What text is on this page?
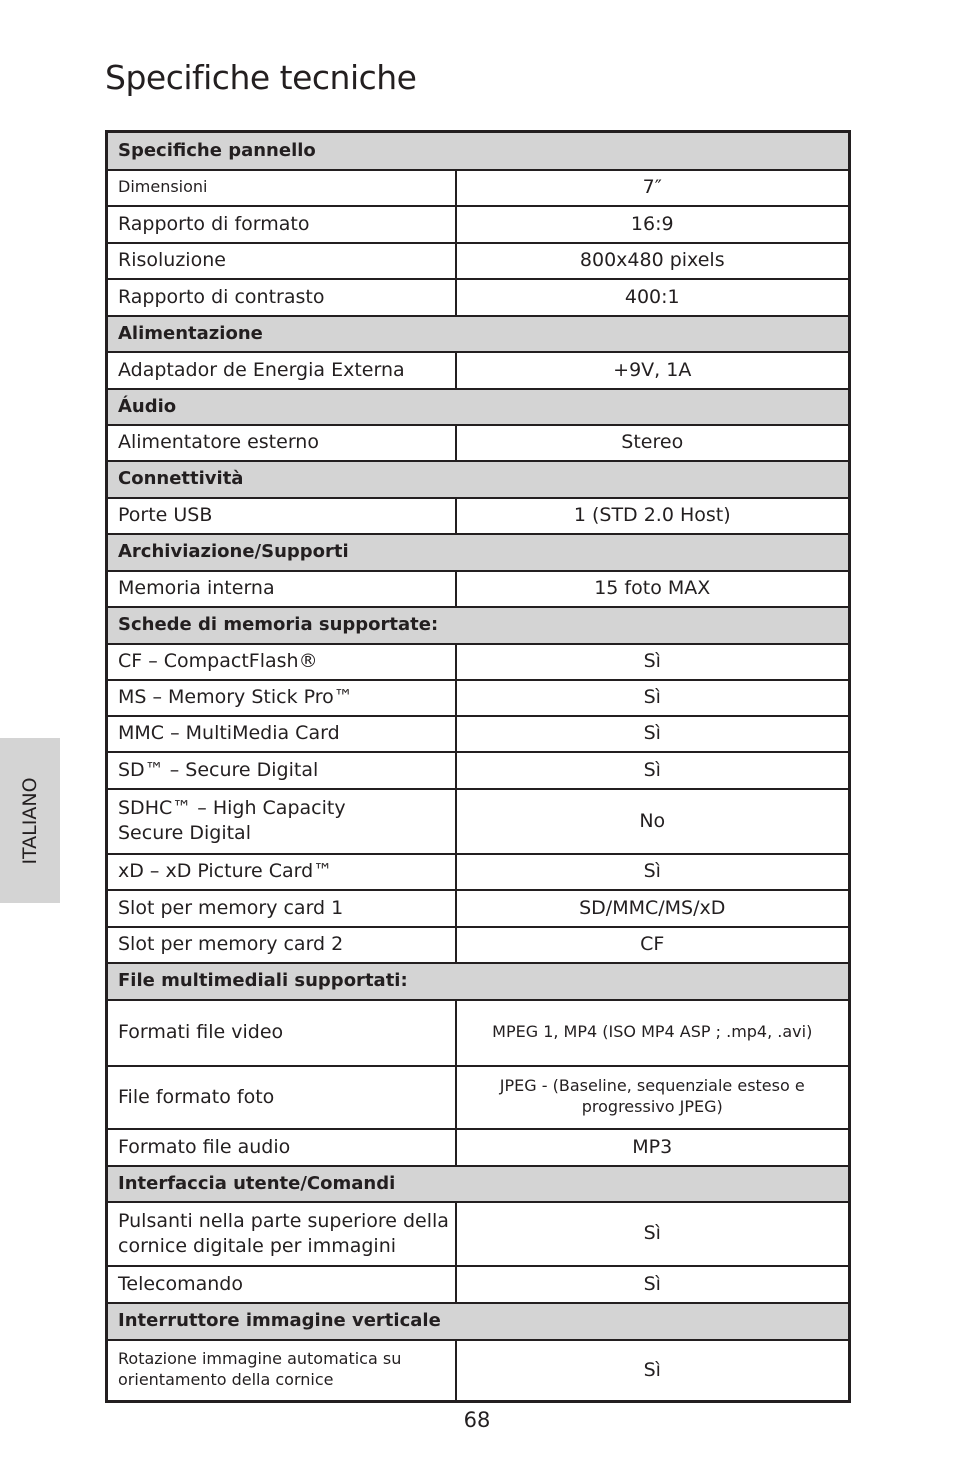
Specifiche tecniche
Specifiche pannello	
Dimensioni	7″
Rapporto di formato	16:9
Risoluzione	800x480 pixels
Rapporto di contrasto	400:1
Alimentazione	
Adaptador de Energia Externa	+9V, 1A
Áudio	
Alimentatore esterno	Stereo
Connettività	
Porte USB	1 (STD 2.0 Host)
Archiviazione/Supporti	
Memoria interna	15 foto MAX
Schede di memoria supportate:	
CF – CompactFlash®	Sì
MS – Memory Stick Pro™	Sì
MMC – MultiMedia Card	Sì
SD™ – Secure Digital	Sì
SDHC™ – High Capacity
Secure Digital	No
xD – xD Picture Card™	Sì
Slot per memory card 1	SD/MMC/MS/xD
Slot per memory card 2	CF
File multimediali supportati:	
Formati file video	MPEG 1, MP4 (ISO MP4 ASP ; .mp4, .avi)
File formato foto	JPEG - (Baseline, sequenziale esteso e
progressivo JPEG)
Formato file audio	MP3
Interfaccia utente/Comandi	
Pulsanti nella parte superiore della
cornice digitale per immagini	Sì
Telecomando	Sì
Interruttore immagine verticale	
Rotazione immagine automatica su
orientamento della cornice	Sì
ITALIANO
68
